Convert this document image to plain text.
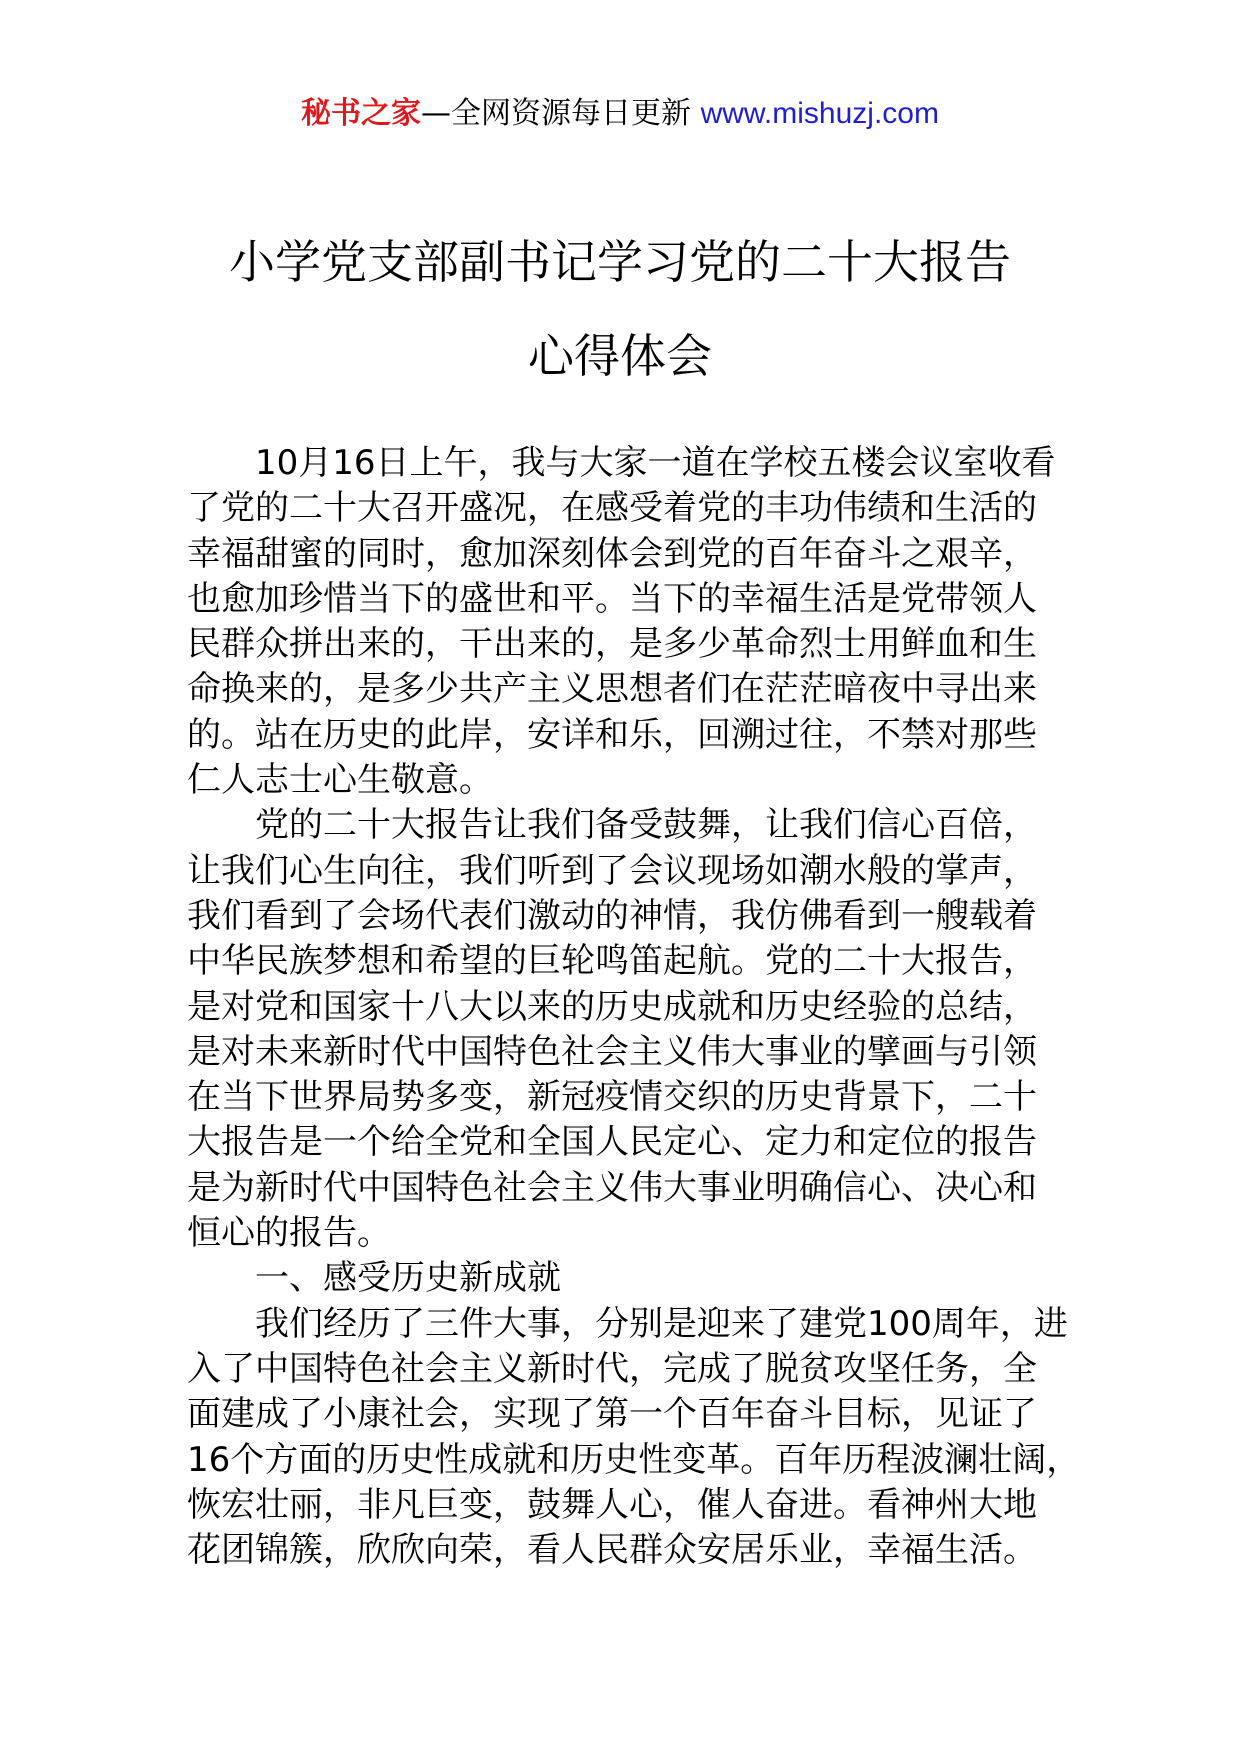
秘书之家—全网资源每日更新 www.mishuzj.com
小学党支部副书记学习党的二十大报告
心得体会
10月16日上午，我与大家一道在学校五楼会议室收看
了党的二十大召开盛况，在感受着党的丰功伟绩和生活的
幸福甜蜜的同时，愈加深刻体会到党的百年奋斗之艰辛，
也愈加珍惜当下的盛世和平。当下的幸福生活是党带领人
民群众拼出来的，干出来的，是多少革命烈士用鲜血和生
命换来的，是多少共产主义思想者们在茫茫暗夜中寻出来
的。站在历史的此岸，安详和乐，回溯过往，不禁对那些
仁人志士心生敬意。
党的二十大报告让我们备受鼓舞，让我们信心百倍，
让我们心生向往，我们听到了会议现场如潮水般的掌声，
我们看到了会场代表们激动的神情，我仿佛看到一艘载着
中华民族梦想和希望的巨轮鸣笛起航。党的二十大报告，
是对党和国家十八大以来的历史成就和历史经验的总结，
是对未来新时代中国特色社会主义伟大事业的擘画与引领
在当下世界局势多变，新冠疫情交织的历史背景下，二十
大报告是一个给全党和全国人民定心、定力和定位的报告
是为新时代中国特色社会主义伟大事业明确信心、决心和
恒心的报告。
一、感受历史新成就
我们经历了三件大事，分别是迎来了建党100周年，进
入了中国特色社会主义新时代，完成了脱贫攻坚任务，全
面建成了小康社会，实现了第一个百年奋斗目标，见证了
16个方面的历史性成就和历史性变革。百年历程波澜壮阔，
恢宏壮丽，非凡巨变，鼓舞人心，催人奋进。看神州大地
花团锦簇，欣欣向荣，看人民群众安居乐业，幸福生活。
